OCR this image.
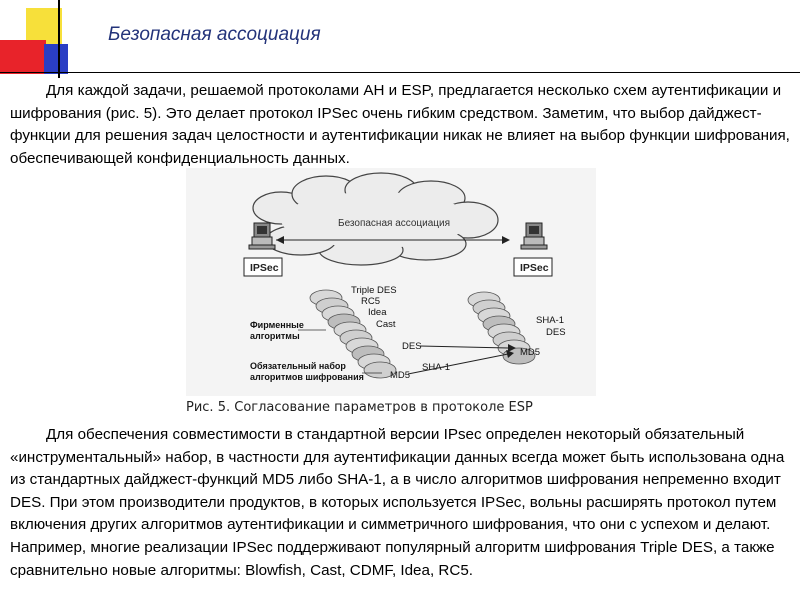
Безопасная ассоциация

Для каждой задачи, решаемой протоколами AH и ESP, предлагается несколько схем аутентификации и шифрования (рис. 5). Это делает протокол IPSec очень гибким средством. Заметим, что выбор дайджест-функции для решения задач целостности и аутентификации никак не влияет на выбор функции шифрования, обеспечивающей конфиденциальность данных.

Безопасная ассоциация
IPSec	IPSec
Triple DES
RC5
Idea
Cast
DES
MD5
SHA-1
SHA-1
DES
MD5
Фирменные
алгоритмы
Обязательный набор
алгоритмов шифрования
Рис. 5. Согласование параметров в протоколе ESP

Для обеспечения совместимости в стандартной версии IPsec определен некоторый обязательный «инструментальный» набор, в частности для аутентификации данных всегда может быть использована одна из стандартных дайджест-функций MD5 либо SHA-1, а в число алгоритмов шифрования непременно входит DES. При этом производители продуктов, в которых используется IPSec, вольны расширять протокол путем включения других алгоритмов аутентификации и симметричного шифрования, что они с успехом и делают. Например, многие реализации IPSec поддерживают популярный алгоритм шифрования Triple DES, а также сравнительно новые алгоритмы: Blowfish, Cast, CDMF, Idea, RC5.
